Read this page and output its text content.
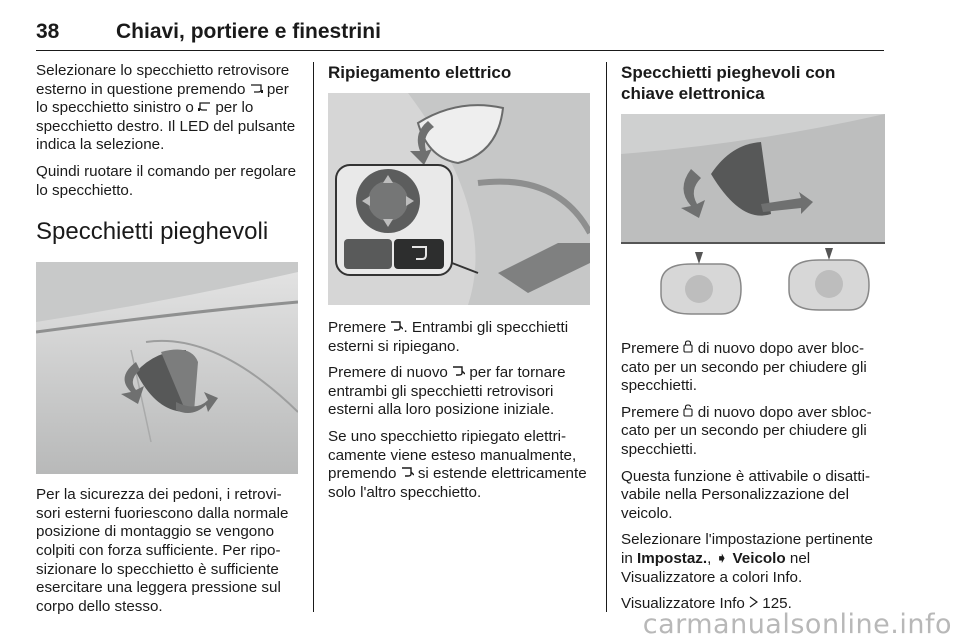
38	Chiavi, portiere e finestrini

Selezionare lo specchietto retrovisore esterno in questione premendo  per lo specchietto sinistro o  per lo specchietto destro. Il LED del pulsante indica la selezione.

Quindi ruotare il comando per regolare lo specchietto.

Specchietti pieghevoli

Per la sicurezza dei pedoni, i retrovisori esterni fuoriescono dalla normale posizione di montaggio se vengono colpiti con forza sufficiente. Per riposizionare lo specchietto è sufficiente esercitare una leggera pressione sul corpo dello stesso.

Ripiegamento elettrico

Premere . Entrambi gli specchietti esterni si ripiegano.

Premere di nuovo  per far tornare entrambi gli specchietti retrovisori esterni alla loro posizione iniziale.

Se uno specchietto ripiegato elettricamente viene esteso manualmente, premendo  si estende elettricamente solo l'altro specchietto.

Specchietti pieghevoli con chiave elettronica

Premere  di nuovo dopo aver bloccato per un secondo per chiudere gli specchietti.

Premere  di nuovo dopo aver sbloccato per un secondo per chiudere gli specchietti.

Questa funzione è attivabile o disattivabile nella Personalizzazione del veicolo.

Selezionare l'impostazione pertinente in Impostaz., ➧ Veicolo nel Visualizzatore a colori Info.

Visualizzatore Info  125.

carmanualsonline.info
